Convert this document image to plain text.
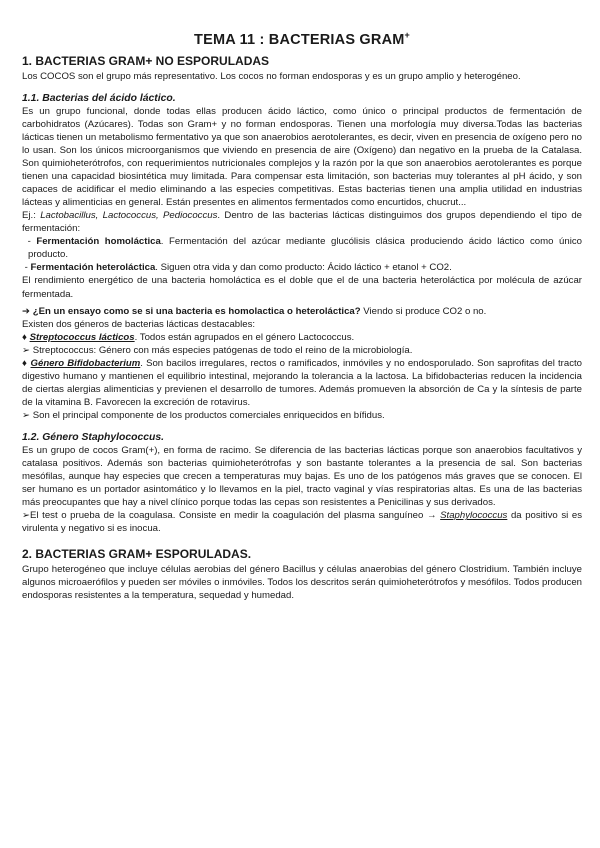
TEMA 11 : BACTERIAS GRAM+
1. BACTERIAS GRAM+ NO ESPORULADAS

Los COCOS son el grupo más representativo. Los cocos no forman endosporas y es un grupo amplio y heterogéneo.

1.1. Bacterias del ácido láctico.

Es un grupo funcional, donde todas ellas producen ácido láctico, como único o principal productos de fermentación de carbohidratos (Azúcares). Todas son Gram+ y no forman endosporas. Tienen una morfología muy diversa.Todas las bacterias lácticas tienen un metabolismo fermentativo ya que son anaerobios aerotolerantes, es decir, viven en presencia de oxígeno pero no lo usan. Son los únicos microorganismos que viviendo en presencia de aire (Oxígeno) dan negativo en la prueba de la Catalasa. Son quimioheterótrofos, con requerimientos nutricionales complejos y la razón por la que son anaerobios aerotolerantes es porque tienen una capacidad biosintética muy limitada. Para compensar esta limitación, son bacterias muy tolerantes al pH ácido, y son capaces de acidificar el medio eliminando a las especies competitivas. Estas bacterias tienen una amplia utilidad en industrias lácteas y alimenticias en general. Están presentes en alimentos fermentados como encurtidos, chucrut...

Ej.: Lactobacillus, Lactococcus, Pediococcus. Dentro de las bacterias lácticas distinguimos dos grupos dependiendo el tipo de fermentación:

- Fermentación homoláctica. Fermentación del azúcar mediante glucólisis clásica produciendo ácido láctico como único producto.

- Fermentación heteroláctica. Siguen otra vida y dan como producto: Ácido láctico + etanol + CO2.

El rendimiento energético de una bacteria homoláctica es el doble que el de una bacteria heteroláctica por molécula de azúcar fermentada.

➔ ¿En un ensayo como se si una bacteria es homolactica o heteroláctica? Viendo si produce CO2 o no.

Existen dos géneros de bacterias lácticas destacables:

♦ Streptococcus lácticos. Todos están agrupados en el género Lactococcus.

➢ Streptococcus: Género con más especies patógenas de todo el reino de la microbiología.

♦ Género Bifidobacterium. Son bacilos irregulares, rectos o ramificados, inmóviles y no endosporulado. Son saprofitas del tracto digestivo humano y mantienen el equilibrio intestinal, mejorando la tolerancia a la lactosa. La bifidobacterias reducen la incidencia de ciertas alergias alimenticias y previenen el desarrollo de tumores. Además promueven la absorción de Ca y la síntesis de parte de la vitamina B. Favorecen la excreción de rotavirus.

➢ Son el principal componente de los productos comerciales enriquecidos en bífidus.

1.2. Género Staphylococcus.

Es un grupo de cocos Gram(+), en forma de racimo. Se diferencia de las bacterias lácticas porque son anaerobios facultativos y catalasa positivos. Además son bacterias quimioheterótrofas y son bastante tolerantes a la presencia de sal. Son bacterias mesófilas, aunque hay especies que crecen a temperaturas muy bajas. Es uno de los patógenos más graves que se conocen. El ser humano es un portador asintomático y lo llevamos en la piel, tracto vaginal y vías respiratorias altas. Es una de las bacterias más preocupantes que hay a nivel clínico porque todas las cepas son resistentes a Penicilinas y sus derivados.

➢El test o prueba de la coagulasa. Consiste en medir la coagulación del plasma sanguíneo → Staphylococcus da positivo si es virulenta y negativo si es inocua.

2. BACTERIAS GRAM+ ESPORULADAS.

Grupo heterogéneo que incluye células aerobias del género Bacillus y células anaerobias del género Clostridium. También incluye algunos microaerófilos y pueden ser móviles o inmóviles. Todos los descritos serán quimioheterótrofos y mesófilos. Todos producen endosporas resistentes a la temperatura, sequedad y humedad.
